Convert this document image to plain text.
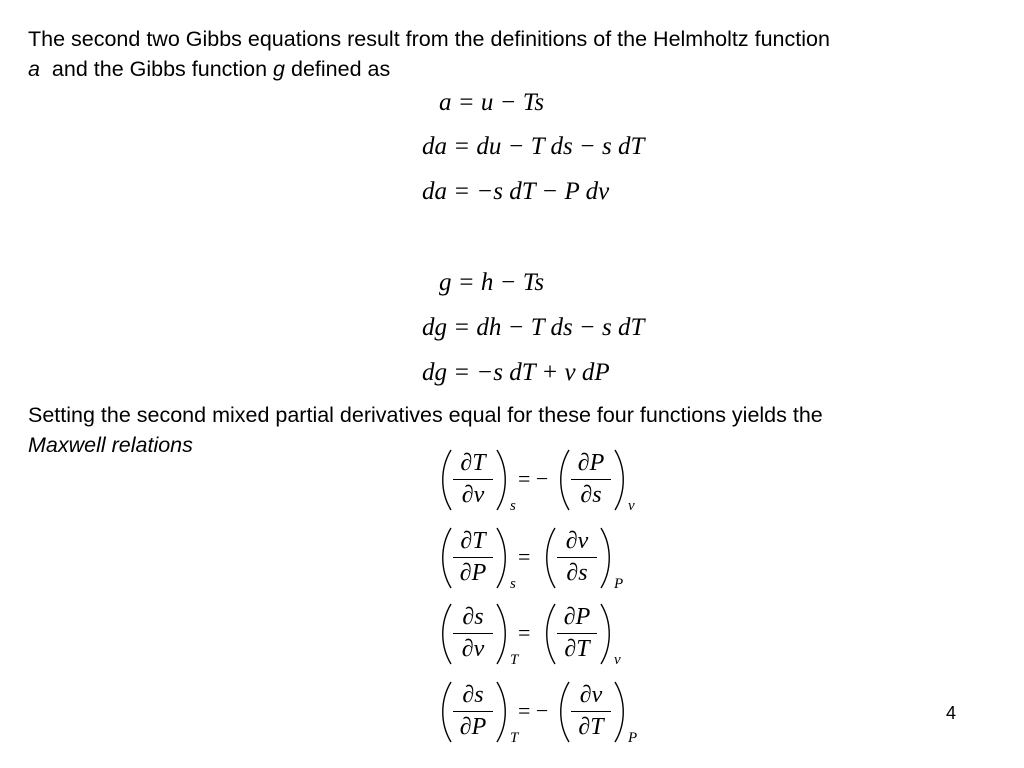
The second two Gibbs equations result from the definitions of the Helmholtz function
a  and the Gibbs function g defined as
a = u − Ts
da = du − T ds − s dT
da = −s dT − P dv
g = h − Ts
dg = dh − T ds − s dT
dg = −s dT + v dP
Setting the second mixed partial derivatives equal for these four functions yields the
Maxwell relations
∂T
∂v	s
= −
∂P
∂s	v
∂T
∂P	s
=
∂v
∂s	P
∂s
∂v	T
=
∂P
∂T	v
∂s
∂P	T
= −
∂v
∂T	P
4
